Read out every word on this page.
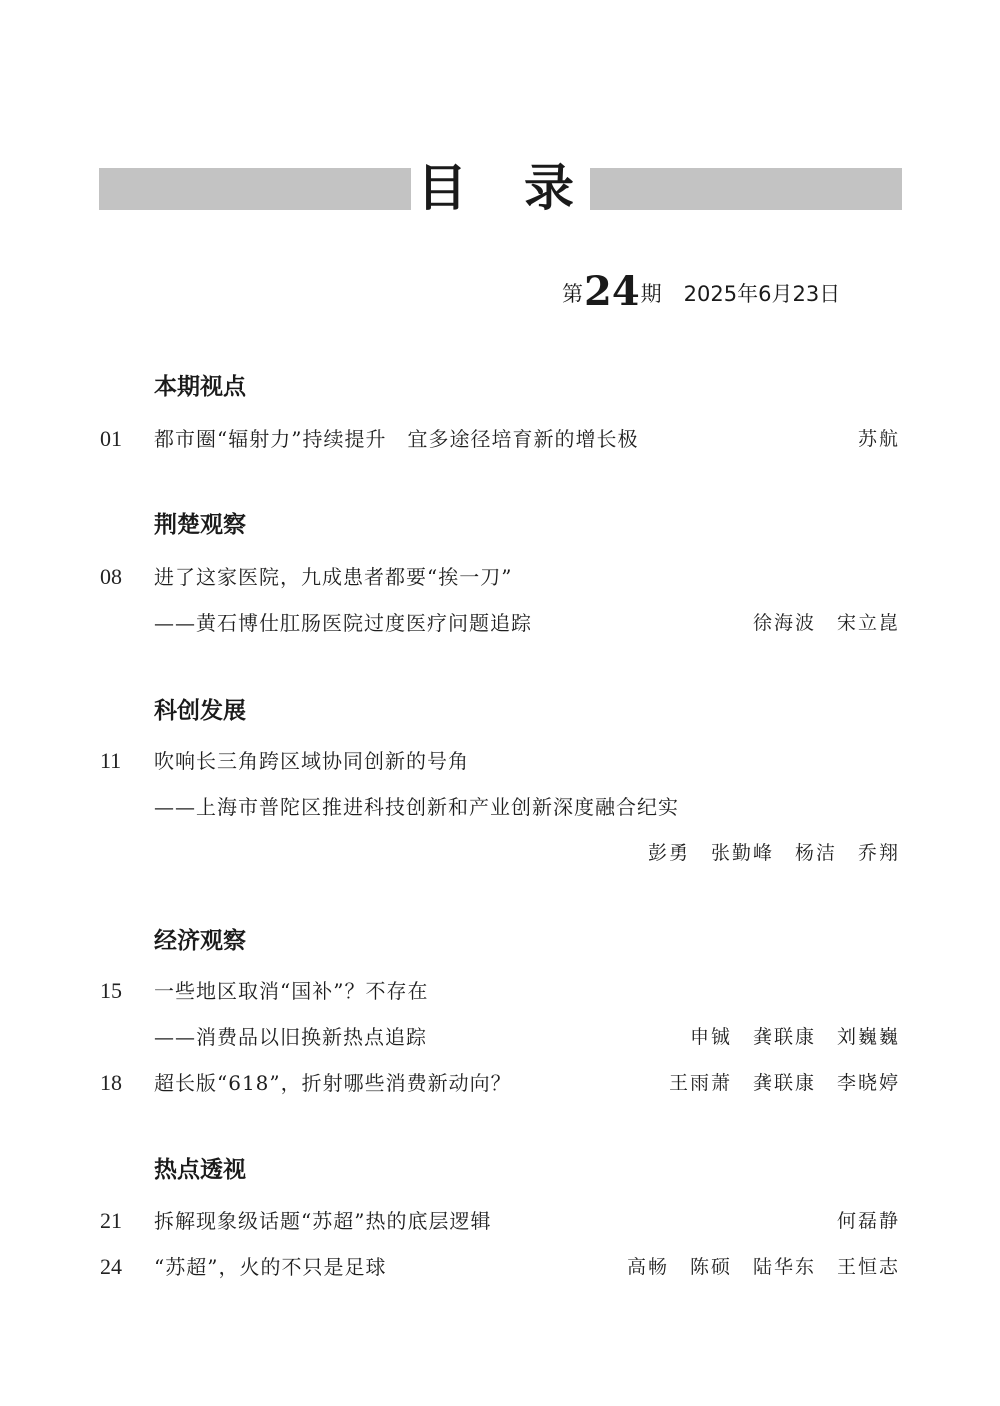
目 录
第24期 2025年6月23日
本期视点
01 都市圈“辐射力”持续提升　宜多途径培育新的增长极	苏航
荆楚观察
08 进了这家医院，九成患者都要“挨一刀”
——黄石博仕肛肠医院过度医疗问题追踪	徐海波　宋立崑
科创发展
11 吹响长三角跨区域协同创新的号角
——上海市普陀区推进科技创新和产业创新深度融合纪实
彭勇　张勤峰　杨洁　乔翔
经济观察
15 一些地区取消“国补”？不存在
——消费品以旧换新热点追踪	申铖　龚联康　刘巍巍
18 超长版“618”，折射哪些消费新动向？	王雨萧　龚联康　李晓婷
热点透视
21 拆解现象级话题“苏超”热的底层逻辑	何磊静
24 “苏超”，火的不只是足球	高畅　陈硕　陆华东　王恒志
